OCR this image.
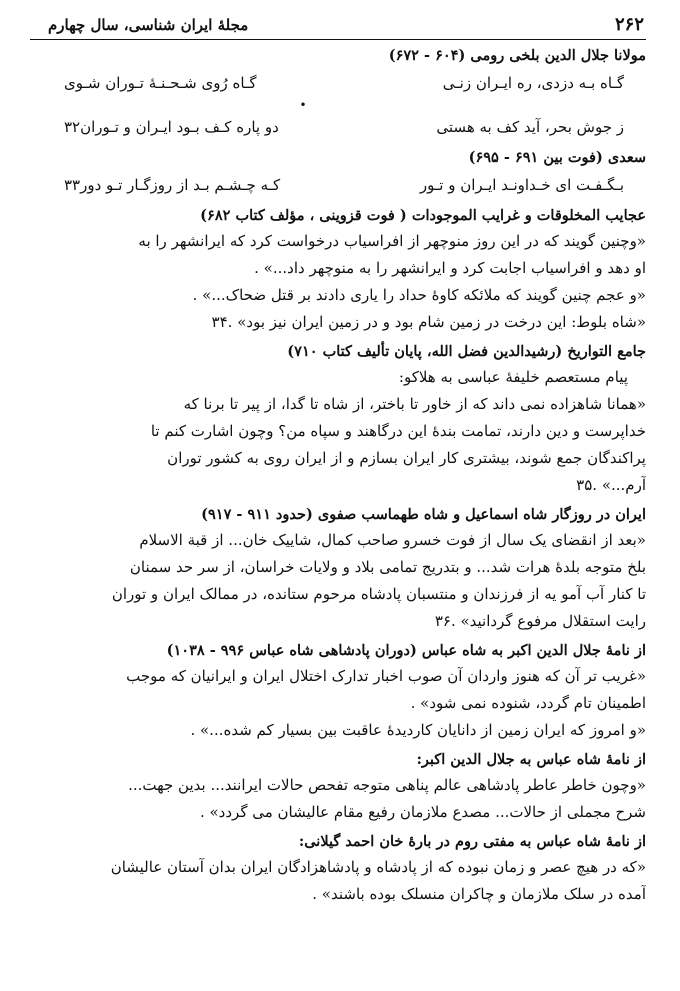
۲۶۲
مجلهٔ ایران شناسی، سال چهارم
مولانا جلال الدین بلخی رومی (۶۰۴ - ۶۷۲)
گـاه بـه دزدی، ره ایـران زنـی
گـاه رُوی شـحـنـهٔ تـوران شـوی
•
ز جوش بحر، آید کف به هستی
دو پاره کـف بـود ایـران و تـوران۳۲
سعدی (فوت بین ۶۹۱ - ۶۹۵)
بـگـفـت ای خـداونـد ایـران و تـور
کـه چـشـم بـد از روزگـار تـو دور۳۳
عجایب المخلوقات و غرایب الموجودات ( فوت قزوینی ، مؤلف کتاب ۶۸۲)
«وچنین گویند که در این روز منوچهر از افراسیاب درخواست کرد که ایرانشهر را به
او دهد و افراسیاب اجابت کرد و ایرانشهر را به منوچهر داد...» .
«و عجم چنین گویند که ملائکه کاوهٔ حداد را یاری دادند بر قتل ضحاک...» .
«شاه بلوط: این درخت در زمین شام بود و در زمین ایران نیز بود» .۳۴
جامع التواریخ (رشیدالدین فضل الله، پایان تألیف کتاب ۷۱۰)
پیام مستعصم خلیفهٔ عباسی به هلاکو:
«همانا شاهزاده نمی داند که از خاور تا باختر، از شاه تا گدا، از پیر تا برنا که
خداپرست و دین دارند، تمامت بندهٔ این درگاهند و سپاه من؟ وچون اشارت کنم تا
پراکندگان جمع شوند، بیشتری کار ایران بسازم و از ایران روی به کشور توران
آرم...» .۳۵
ایران در روزگار شاه اسماعیل و شاه طهماسب صفوی (حدود ۹۱۱ - ۹۱۷)
«بعد از انقضای یک سال از فوت خسرو صاحب کمال، شاییک خان... از قبة الاسلام
بلخ متوجه بلدهٔ هرات شد... و بتدریج تمامی بلاد و ولایات خراسان، از سر حد سمنان
تا کنار آب آمو یه از فرزندان و منتسبان پادشاه مرحوم ستانده، در ممالک ایران و توران
رایت استقلال مرفوع گردانید» .۳۶
از نامهٔ جلال الدین اکبر به شاه عباس (دوران پادشاهی شاه عباس ۹۹۶ - ۱۰۳۸)
«غریب تر آن که هنوز واردان آن صوب اخبار تدارک اختلال ایران و ایرانیان که موجب
اطمینان تام گردد، شنوده نمی شود» .
«و امروز که ایران زمین از دانایان کاردیدهٔ عاقبت بین بسیار کم شده...» .
از نامهٔ شاه عباس به جلال الدین اکبر:
«وچون خاطر عاطر پادشاهی عالم پناهی متوجه تفحص حالات ایرانند... بدین جهت...
شرح مجملی از حالات... مصدع ملازمان رفیع مقام عالیشان می گردد» .
از نامهٔ شاه عباس به مفتی روم در بارهٔ خان احمد گیلانی:
«که در هیچ عصر و زمان نبوده که از پادشاه و پادشاهزادگان ایران بدان آستان عالیشان
آمده در سلک ملازمان و چاکران منسلک بوده باشند» .
